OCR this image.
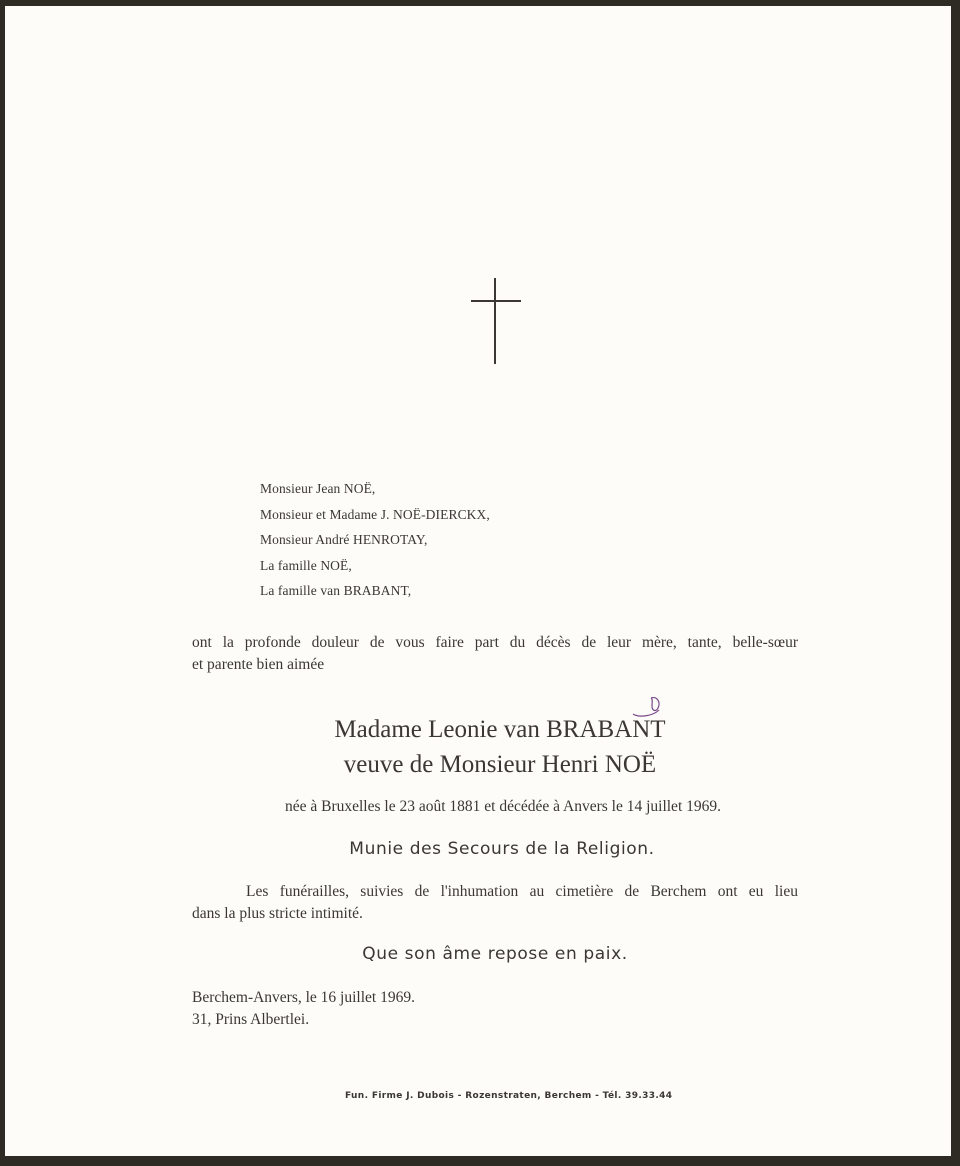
Monsieur Jean NOË,
Monsieur et Madame J. NOË-DIERCKX,
Monsieur André HENROTAY,
La famille NOË,
La famille van BRABANT,
ont la profonde douleur de vous faire part du décès de leur mère, tante, belle-sœur
et parente bien aimée
Madame Leonie van BRABANT
veuve de Monsieur Henri NOË
née à Bruxelles le 23 août 1881 et décédée à Anvers le 14 juillet 1969.
Munie des Secours de la Religion.
Les funérailles, suivies de l'inhumation au cimetière de Berchem ont eu lieu
dans la plus stricte intimité.
Que son âme repose en paix.
Berchem-Anvers, le 16 juillet 1969.
31, Prins Albertlei.
Fun. Firme J. Dubois - Rozenstraten, Berchem - Tél. 39.33.44
